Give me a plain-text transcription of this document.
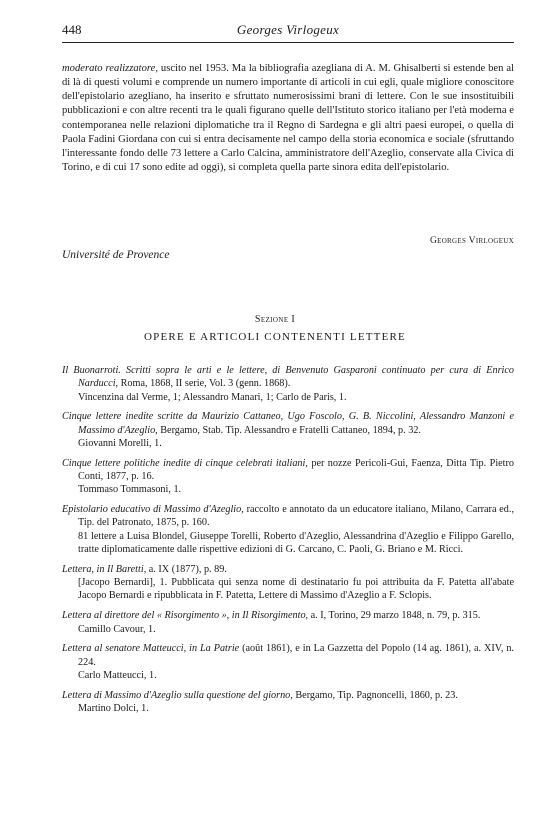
448	Georges Virlogeux
moderato realizzatore, uscito nel 1953. Ma la bibliografia azegliana di A. M. Ghisalberti si estende ben al di là di questi volumi e comprende un numero importante di articoli in cui egli, quale migliore conoscitore dell'epistolario azegliano, ha inserito e sfruttato numerosissimi brani di lettere. Con le sue insostituibili pubblicazioni e con altre recenti tra le quali figurano quelle dell'Istituto storico italiano per l'età moderna e contemporanea nelle relazioni diplomatiche tra il Regno di Sardegna e gli altri paesi europei, o quella di Paola Fadini Giordana con cui si entra decisamente nel campo della storia economica e sociale (sfruttando l'interessante fondo delle 73 lettere a Carlo Calcina, amministratore dell'Azeglio, conservate alla Civica di Torino, e di cui 17 sono edite ad oggi), si completa quella parte sinora edita dell'epistolario.
Georges Virlogeux
Université de Provence
Sezione I
OPERE E ARTICOLI CONTENENTI LETTERE
Il Buonarroti. Scritti sopra le arti e le lettere, di Benvenuto Gasparoni continuato per cura di Enrico Narducci, Roma, 1868, II serie, Vol. 3 (genn. 1868).
Vincenzina dal Verme, 1; Alessandro Manari, 1; Carlo de Paris, 1.
Cinque lettere inedite scritte da Maurizio Cattaneo, Ugo Foscolo, G. B. Niccolini, Alessandro Manzoni e Massimo d'Azeglio, Bergamo, Stab. Tip. Alessandro e Fratelli Cattaneo, 1894, p. 32.
Giovanni Morelli, 1.
Cinque lettere politiche inedite di cinque celebrati italiani, per nozze Pericoli-Gui, Faenza, Ditta Tip. Pietro Conti, 1877, p. 16.
Tommaso Tommasoni, 1.
Epistolario educativo di Massimo d'Azeglio, raccolto e annotato da un educatore italiano, Milano, Carrara ed., Tip. del Patronato, 1875, p. 160.
81 lettere a Luisa Blondel, Giuseppe Torelli, Roberto d'Azeglio, Alessandrina d'Azeglio e Filippo Garello, tratte diplomaticamente dalle rispettive edizioni di G. Carcano, C. Paoli, G. Briano e M. Ricci.
Lettera, in Il Baretti, a. IX (1877), p. 89.
[Jacopo Bernardi], 1. Pubblicata qui senza nome di destinatario fu poi attribuita da F. Patetta all'abate Jacopo Bernardi e ripubblicata in F. Patetta, Lettere di Massimo d'Azeglio a F. Sclopis.
Lettera al direttore del « Risorgimento », in Il Risorgimento, a. I, Torino, 29 marzo 1848, n. 79, p. 315.
Camillo Cavour, 1.
Lettera al senatore Matteucci, in La Patrie (août 1861), e in La Gazzetta del Popolo (14 ag. 1861), a. XIV, n. 224.
Carlo Matteucci, 1.
Lettera di Massimo d'Azeglio sulla questione del giorno, Bergamo, Tip. Pagnoncelli, 1860, p. 23.
Martino Dolci, 1.
